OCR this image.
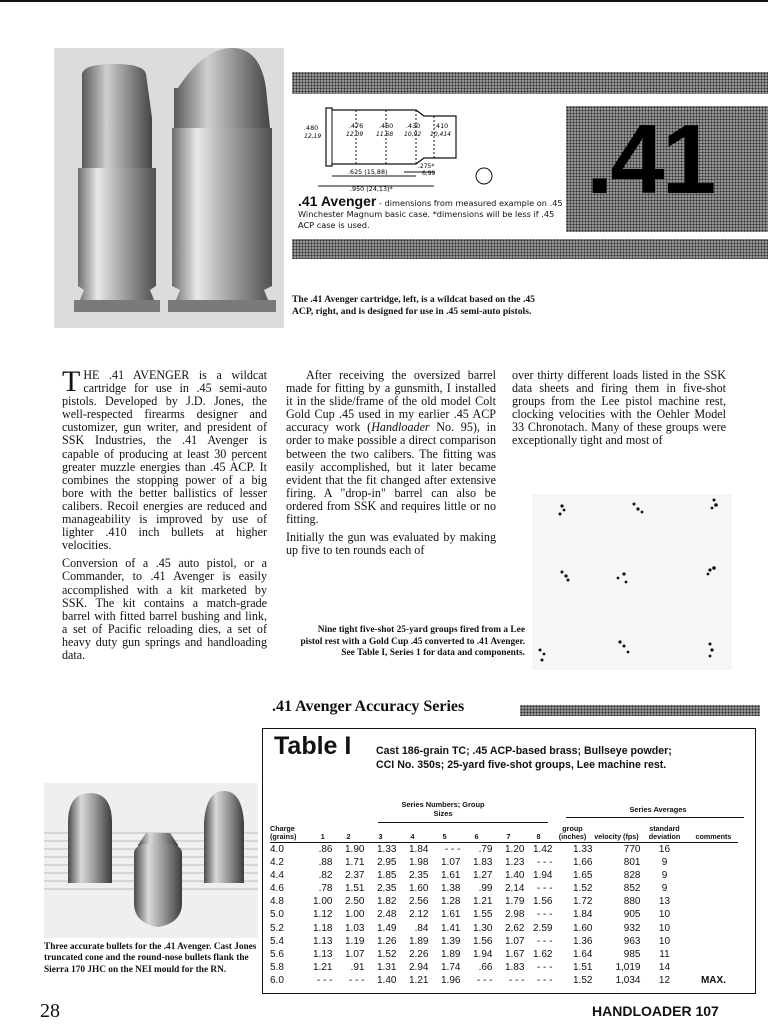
.41
.480
12,19
.476
12,09
.460
11,68
.430
10,92
.410
10,414
.625 (15,88)
.275*
6,99
.950 (24,13)*
.41 Avenger - dimensions from measured example on .45 Winchester Magnum basic case. *dimensions will be less if .45 ACP case is used.
The .41 Avenger cartridge, left, is a wildcat based on the .45 ACP, right, and is designed for use in .45 semi-auto pistols.

THE .41 AVENGER is a wildcat cartridge for use in .45 semi-auto pistols. Developed by J.D. Jones, the well-respected firearms designer and customizer, gun writer, and president of SSK Industries, the .41 Avenger is capable of producing at least 30 percent greater muzzle energies than .45 ACP. It combines the stopping power of a big bore with the better ballistics of lesser calibers. Recoil energies are reduced and manageability is improved by use of lighter .410 inch bullets at higher velocities.

Conversion of a .45 auto pistol, or a Commander, to .41 Avenger is easily accomplished with a kit marketed by SSK. The kit contains a match-grade barrel with fitted barrel bushing and link, a set of Pacific reloading dies, a set of heavy duty gun springs and handloading data.

After receiving the oversized barrel made for fitting by a gunsmith, I installed it in the slide/frame of the old model Colt Gold Cup .45 used in my earlier .45 ACP accuracy work (Handloader No. 95), in order to make possible a direct comparison between the two calibers. The fitting was easily accomplished, but it later became evident that the fit changed after extensive firing. A "drop-in" barrel can also be ordered from SSK and requires little or no fitting.

Initially the gun was evaluated by making up five to ten rounds each of

over thirty different loads listed in the SSK data sheets and firing them in five-shot groups from the Lee pistol machine rest, clocking velocities with the Oehler Model 33 Chronotach. Many of these groups were exceptionally tight and most of

Nine tight five-shot 25-yard groups fired from a Lee pistol rest with a Gold Cup .45 converted to .41 Avenger. See Table I, Series 1 for data and components.
.41 Avenger Accuracy Series
Table I Cast 186-grain TC; .45 ACP-based brass; Bullseye powder; CCI No. 350s; 25-yard five-shot groups, Lee machine rest.
Series Numbers; Group Sizes	Series Averages
Charge (grains)	1	2	3	4	5	6	7	8	group (inches)	velocity (fps)	standard deviation	comments
4.0	.86	1.90	1.33	1.84	- - -	.79	1.20	1.42	1.33	770	16	
4.2	.88	1.71	2.95	1.98	1.07	1.83	1.23	- - -	1.66	801	9	
4.4	.82	2.37	1.85	2.35	1.61	1.27	1.40	1.94	1.65	828	9	
4.6	.78	1.51	2.35	1.60	1.38	.99	2.14	- - -	1.52	852	9	
4.8	1.00	2.50	1.82	2.56	1.28	1.21	1.79	1.56	1.72	880	13	
5.0	1.12	1.00	2.48	2.12	1.61	1.55	2.98	- - -	1.84	905	10	
5.2	1.18	1.03	1.49	.84	1.41	1.30	2.62	2.59	1.60	932	10	
5.4	1.13	1.19	1.26	1.89	1.39	1.56	1.07	- - -	1.36	963	10	
5.6	1.13	1.07	1.52	2.26	1.89	1.94	1.67	1.62	1.64	985	11	
5.8	1.21	.91	1.31	2.94	1.74	.66	1.83	- - -	1.51	1,019	14	
6.0	- - -	- - -	1.40	1.21	1.96	- - -	- - -	- - -	1.52	1,034	12	MAX.
Three accurate bullets for the .41 Avenger. Cast Jones truncated cone and the round-nose bullets flank the Sierra 170 JHC on the NEI mould for the RN.
28	HANDLOADER 107
